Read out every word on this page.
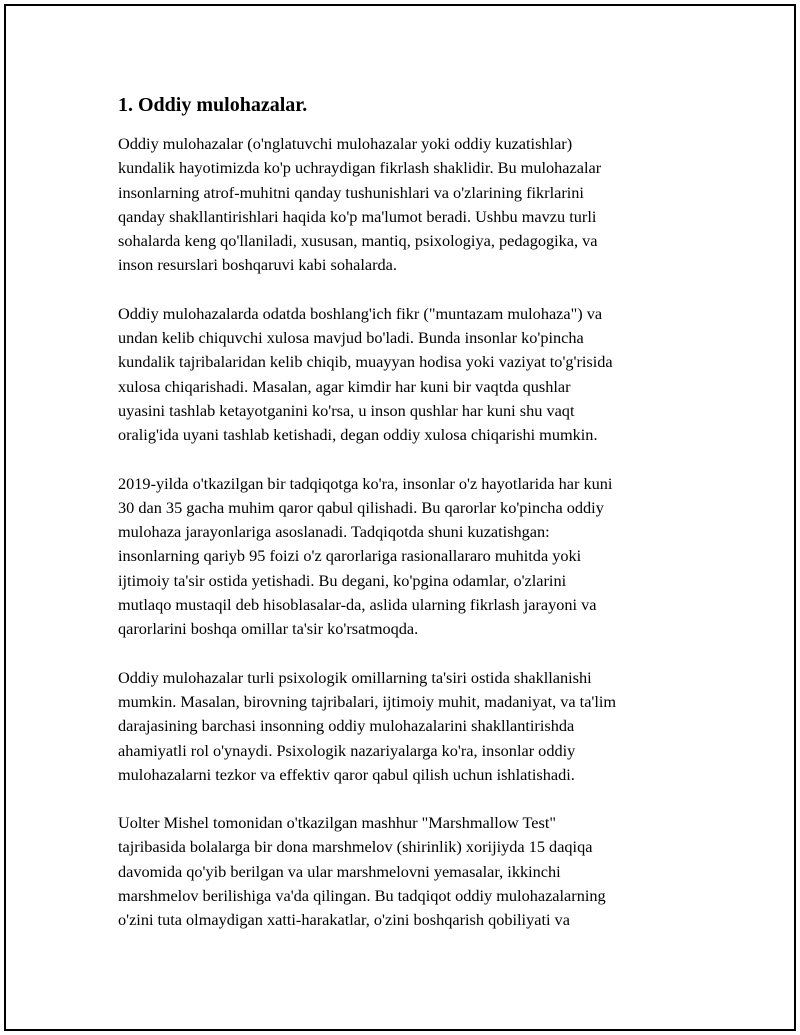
1. Oddiy mulohazalar.

Oddiy mulohazalar (o'nglatuvchi mulohazalar yoki oddiy kuzatishlar)
kundalik hayotimizda ko'p uchraydigan fikrlash shaklidir. Bu mulohazalar
insonlarning atrof-muhitni qanday tushunishlari va o'zlarining fikrlarini
qanday shakllantirishlari haqida ko'p ma'lumot beradi. Ushbu mavzu turli
sohalarda keng qo'llaniladi, xususan, mantiq, psixologiya, pedagogika, va
inson resurslari boshqaruvi kabi sohalarda.

Oddiy mulohazalarda odatda boshlang'ich fikr ("muntazam mulohaza") va
undan kelib chiquvchi xulosa mavjud bo'ladi. Bunda insonlar ko'pincha
kundalik tajribalaridan kelib chiqib, muayyan hodisa yoki vaziyat to'g'risida
xulosa chiqarishadi. Masalan, agar kimdir har kuni bir vaqtda qushlar
uyasini tashlab ketayotganini ko'rsa, u inson qushlar har kuni shu vaqt
oralig'ida uyani tashlab ketishadi, degan oddiy xulosa chiqarishi mumkin.

2019-yilda o'tkazilgan bir tadqiqotga ko'ra, insonlar o'z hayotlarida har kuni
30 dan 35 gacha muhim qaror qabul qilishadi. Bu qarorlar ko'pincha oddiy
mulohaza jarayonlariga asoslanadi. Tadqiqotda shuni kuzatishgan:
insonlarning qariyb 95 foizi o'z qarorlariga rasionallararo muhitda yoki
ijtimoiy ta'sir ostida yetishadi. Bu degani, ko'pgina odamlar, o'zlarini
mutlaqo mustaqil deb hisoblasalar-da, aslida ularning fikrlash jarayoni va
qarorlarini boshqa omillar ta'sir ko'rsatmoqda.

Oddiy mulohazalar turli psixologik omillarning ta'siri ostida shakllanishi
mumkin. Masalan, birovning tajribalari, ijtimoiy muhit, madaniyat, va ta'lim
darajasining barchasi insonning oddiy mulohazalarini shakllantirishda
ahamiyatli rol o'ynaydi. Psixologik nazariyalarga ko'ra, insonlar oddiy
mulohazalarni tezkor va effektiv qaror qabul qilish uchun ishlatishadi.

Uolter Mishel tomonidan o'tkazilgan mashhur "Marshmallow Test"
tajribasida bolalarga bir dona marshmelov (shirinlik) xorijiyda 15 daqiqa
davomida qo'yib berilgan va ular marshmelovni yemasalar, ikkinchi
marshmelov berilishiga va'da qilingan. Bu tadqiqot oddiy mulohazalarning
o'zini tuta olmaydigan xatti-harakatlar, o'zini boshqarish qobiliyati va
